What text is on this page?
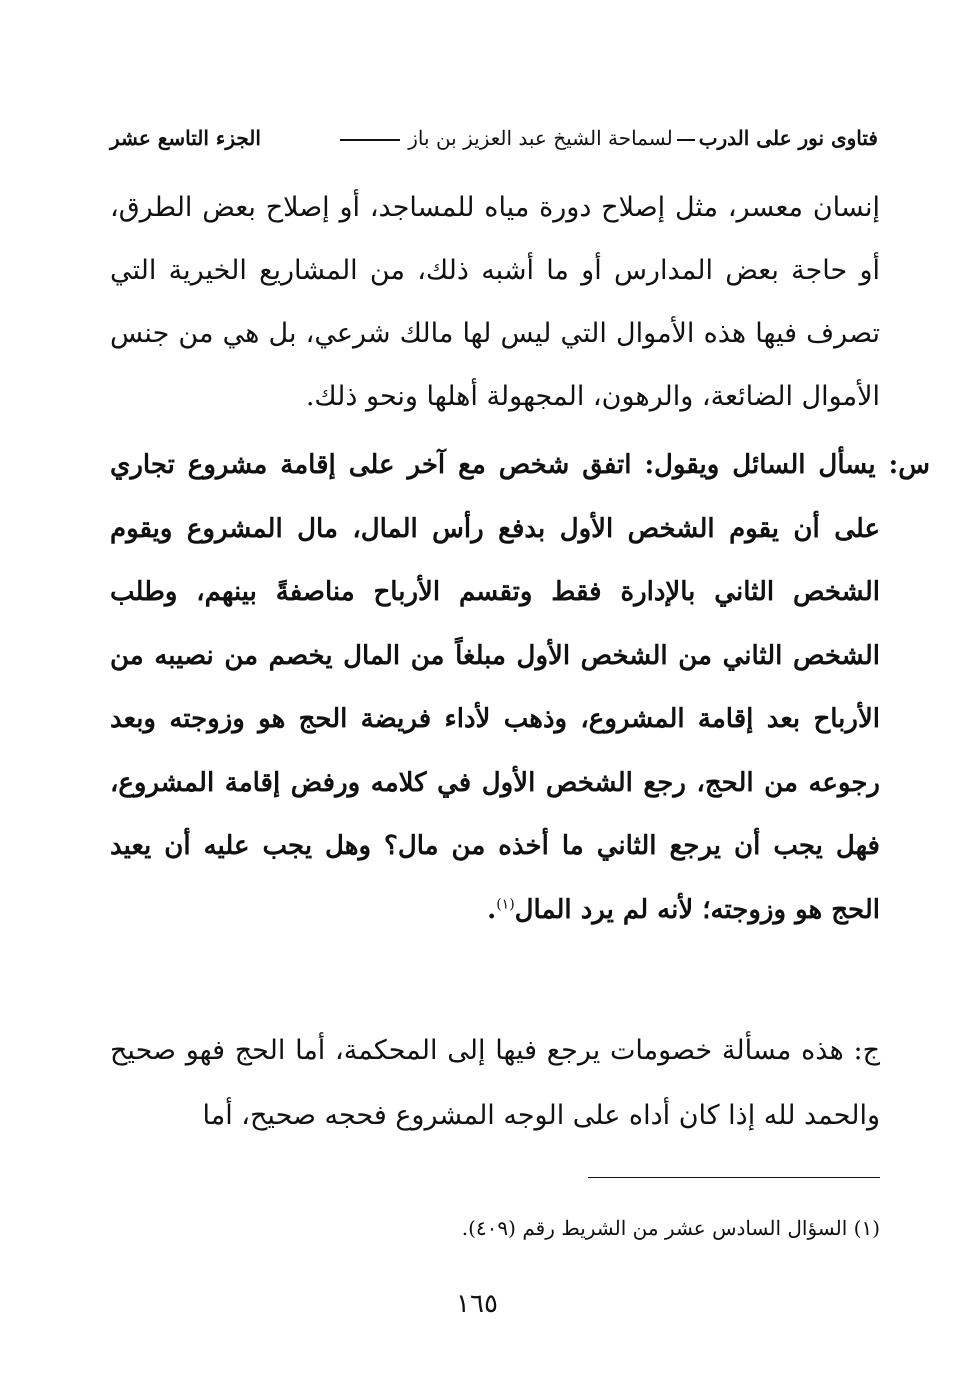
فتاوى نور على الدربلسماحة الشيخ عبد العزيز بن باز
الجزء التاسع عشر

إنسان معسر، مثل إصلاح دورة مياه للمساجد، أو إصلاح بعض الطرق، أو حاجة بعض المدارس أو ما أشبه ذلك، من المشاريع الخيرية التي تصرف فيها هذه الأموال التي ليس لها مالك شرعي، بل هي من جنس الأموال الضائعة، والرهون، المجهولة أهلها ونحو ذلك.

س: يسأل السائل ويقول: اتفق شخص مع آخر على إقامة مشروع تجاري على أن يقوم الشخص الأول بدفع رأس المال، مال المشروع ويقوم الشخص الثاني بالإدارة فقط وتقسم الأرباح مناصفةً بينهم، وطلب الشخص الثاني من الشخص الأول مبلغاً من المال يخصم من نصيبه من الأرباح بعد إقامة المشروع، وذهب لأداء فريضة الحج هو وزوجته وبعد رجوعه من الحج، رجع الشخص الأول في كلامه ورفض إقامة المشروع، فهل يجب أن يرجع الثاني ما أخذه من مال؟ وهل يجب عليه أن يعيد الحج هو وزوجته؛ لأنه لم يرد المال$^{(١)}$.

ج: هذه مسألة خصومات يرجع فيها إلى المحكمة، أما الحج فهو صحيح والحمد لله إذا كان أداه على الوجه المشروع فحجه صحيح، أما

(١) السؤال السادس عشر من الشريط رقم (٤٠٩).
١٦٥
